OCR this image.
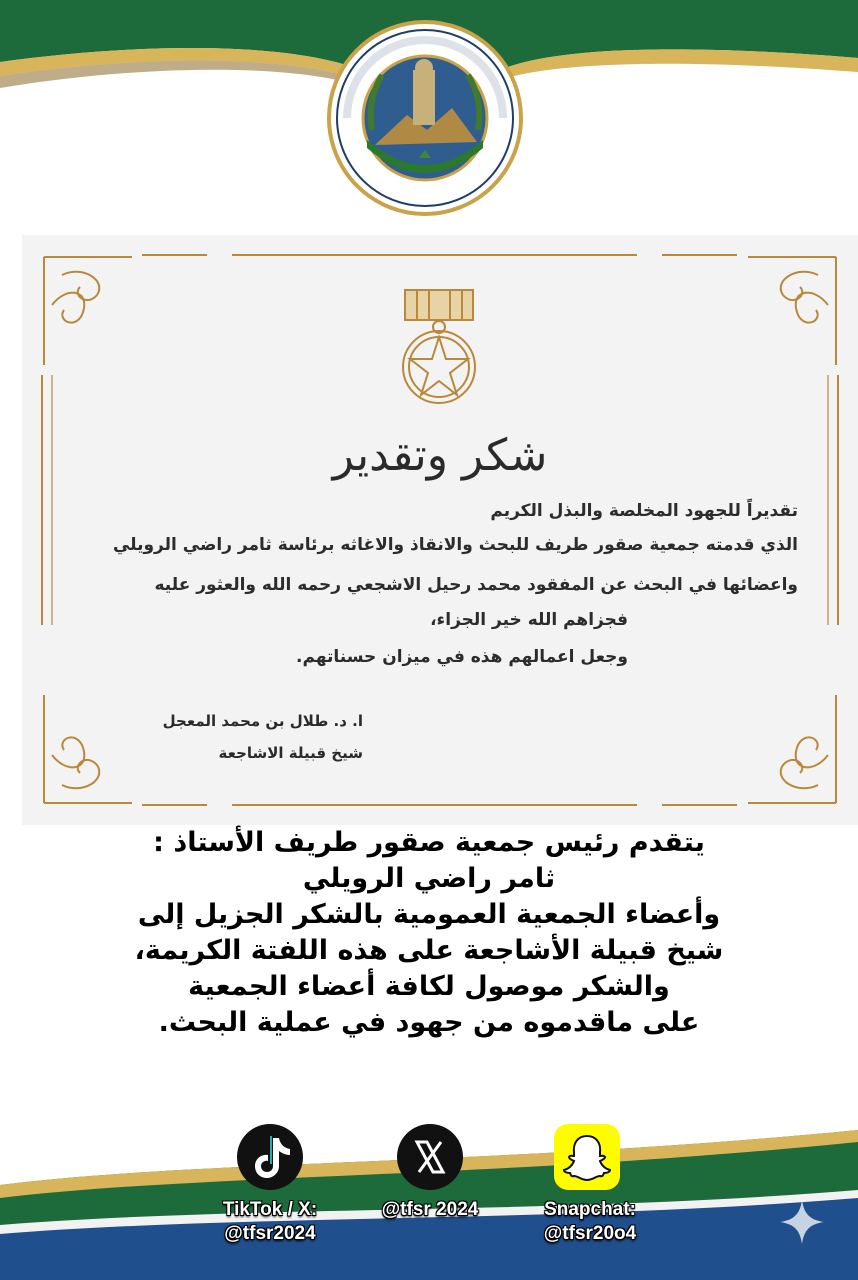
شكر وتقدير
تقديراً للجهود المخلصة والبذل الكريم
الذي قدمته جمعية صقور طريف للبحث والانقاذ والاغاثه برئاسة ثامر راضي الرويلي
واعضائها في البحث عن المفقود محمد رحيل الاشجعي رحمه الله والعثور عليه
فجزاهم الله خير الجزاء،
وجعل اعمالهم هذه في ميزان حسناتهم.
ا. د. طلال بن محمد المعجل
شيخ قبيلة الاشاجعة
يتقدم رئيس جمعية صقور طريف الأستاذ :
ثامر راضي الرويلي
وأعضاء الجمعية العمومية بالشكر الجزيل إلى
شيخ قبيلة الأشاجعة على هذه اللفتة الكريمة،
والشكر موصول لكافة أعضاء الجمعية
على ماقدموه من جهود في عملية البحث.
TikTok / X:
@tfsr2024
@tfsr 2024	Snapchat:
@tfsr20o4
